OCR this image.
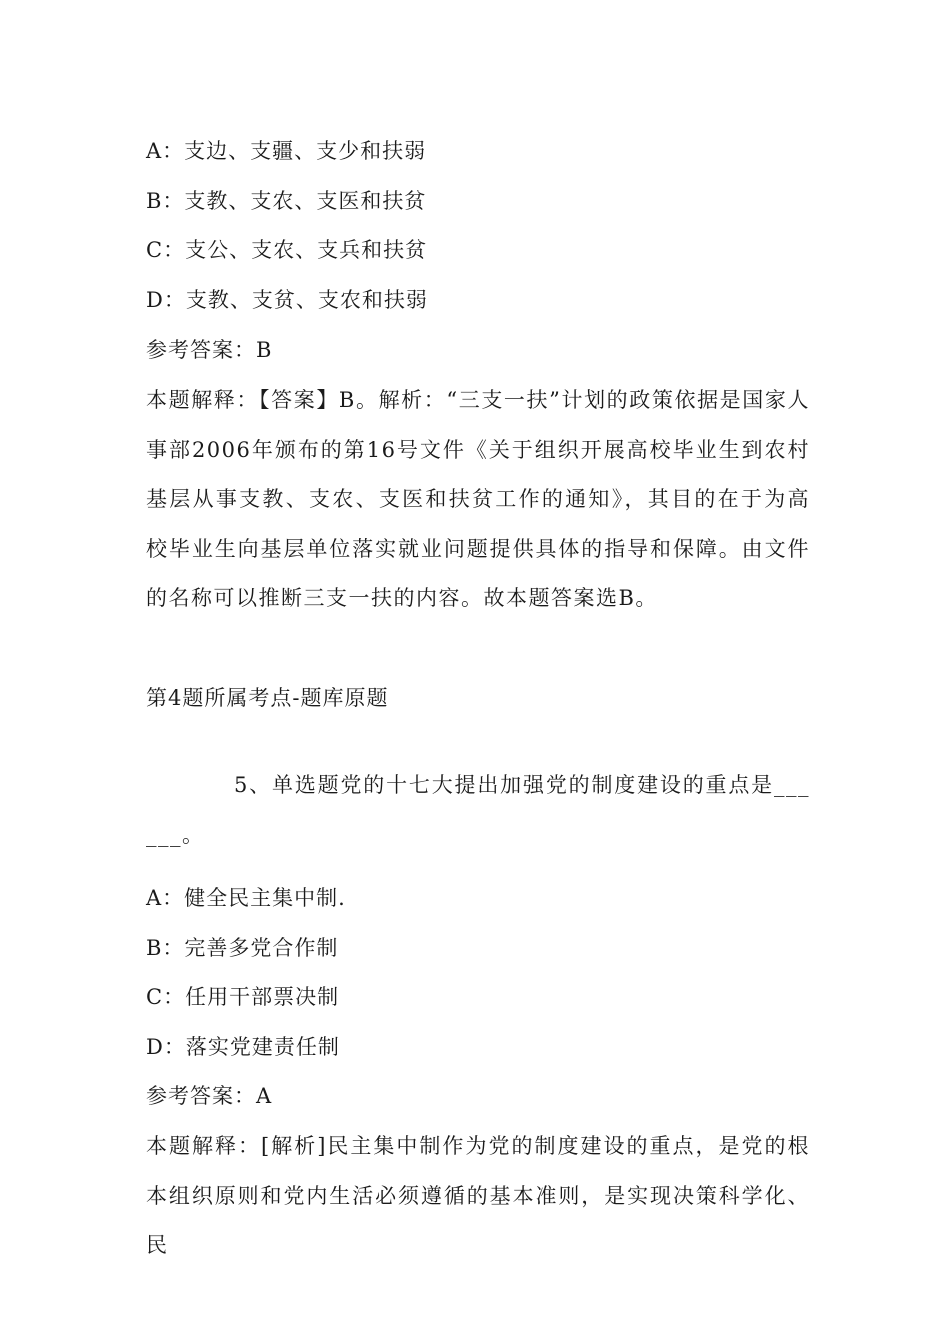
A：支边、支疆、支少和扶弱
B：支教、支农、支医和扶贫
C：支公、支农、支兵和扶贫
D：支教、支贫、支农和扶弱
参考答案：B
本题解释：【答案】B。解析：“三支一扶”计划的政策依据是国家人事部2006年颁布的第16号文件《关于组织开展高校毕业生到农村基层从事支教、支农、支医和扶贫工作的通知》，其目的在于为高校毕业生向基层单位落实就业问题提供具体的指导和保障。由文件的名称可以推断三支一扶的内容。故本题答案选B。
第4题所属考点-题库原题
5、单选题党的十七大提出加强党的制度建设的重点是______。
A：健全民主集中制.
B：完善多党合作制
C：任用干部票决制
D：落实党建责任制
参考答案：A
本题解释：[解析]民主集中制作为党的制度建设的重点，是党的根本组织原则和党内生活必须遵循的基本准则，是实现决策科学化、民
